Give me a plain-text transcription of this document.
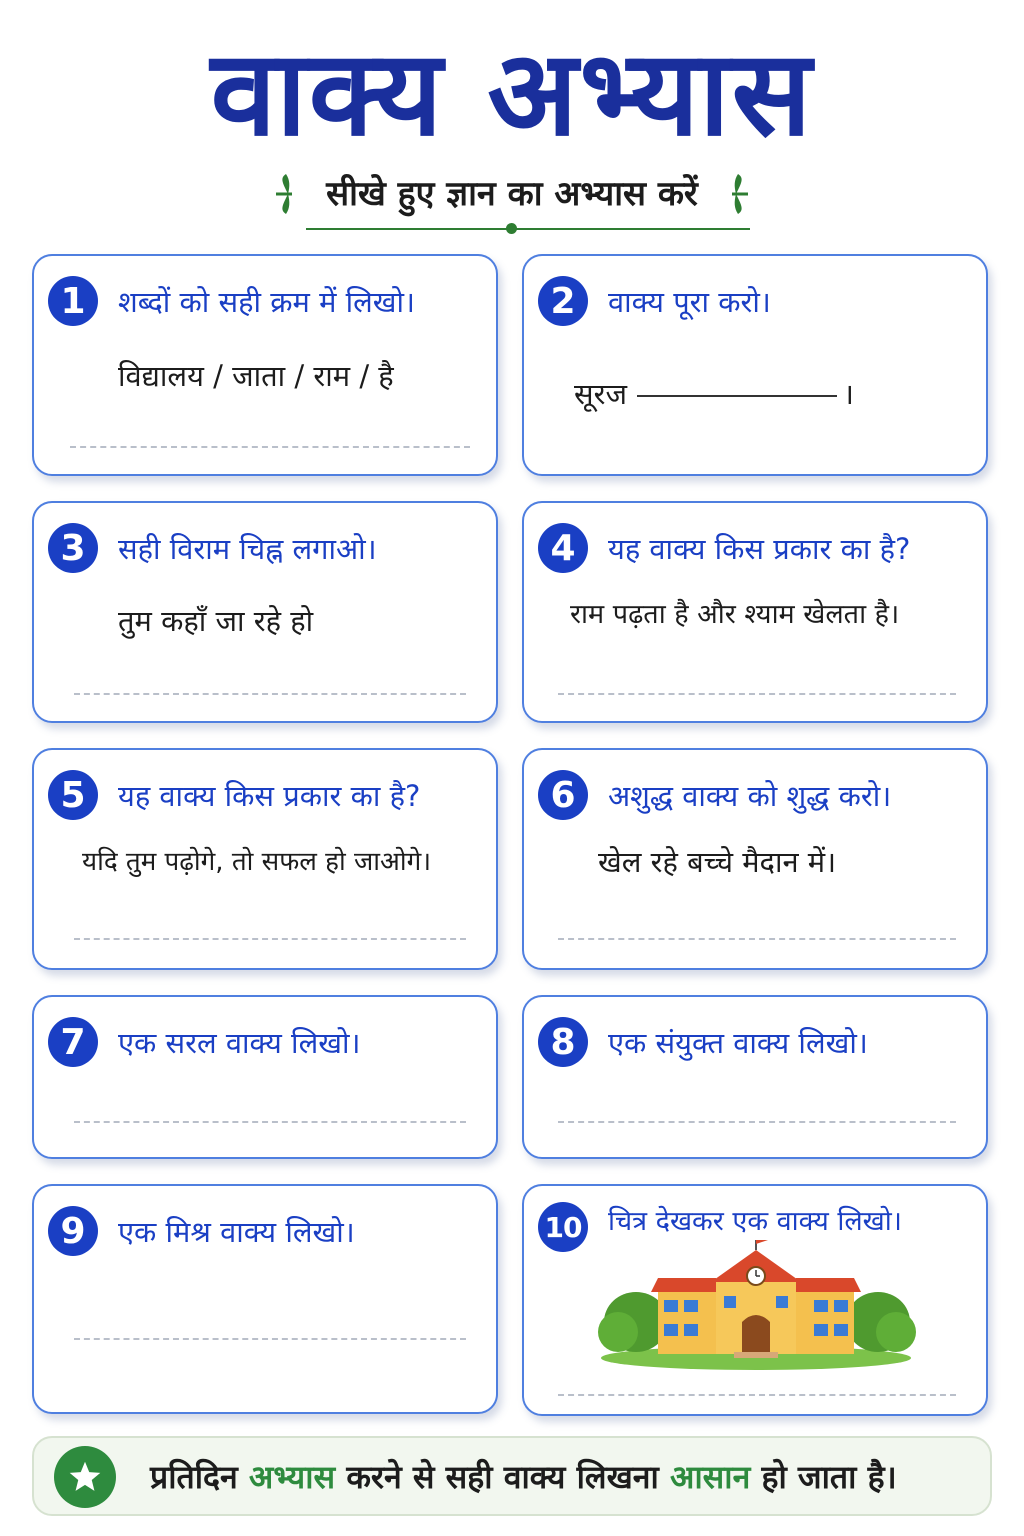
वाक्य अभ्यास
सीखे हुए ज्ञान का अभ्यास करें
1	शब्दों को सही क्रम में लिखो।
विद्यालय / जाता / राम / है
2	वाक्य पूरा करो।
सूरज	।
3	सही विराम चिह्न लगाओ।
तुम कहाँ जा रहे हो
4	यह वाक्य किस प्रकार का है?
राम पढ़ता है और श्याम खेलता है।
5	यह वाक्य किस प्रकार का है?
यदि तुम पढ़ोगे, तो सफल हो जाओगे।
6	अशुद्ध वाक्य को शुद्ध करो।
खेल रहे बच्चे मैदान में।
7	एक सरल वाक्य लिखो।	8	एक संयुक्त वाक्य लिखो।
9	एक मिश्र वाक्य लिखो।	10 चित्र देखकर एक वाक्य लिखो।
प्रतिदिन अभ्यास करने से सही वाक्य लिखना आसान हो जाता है।
